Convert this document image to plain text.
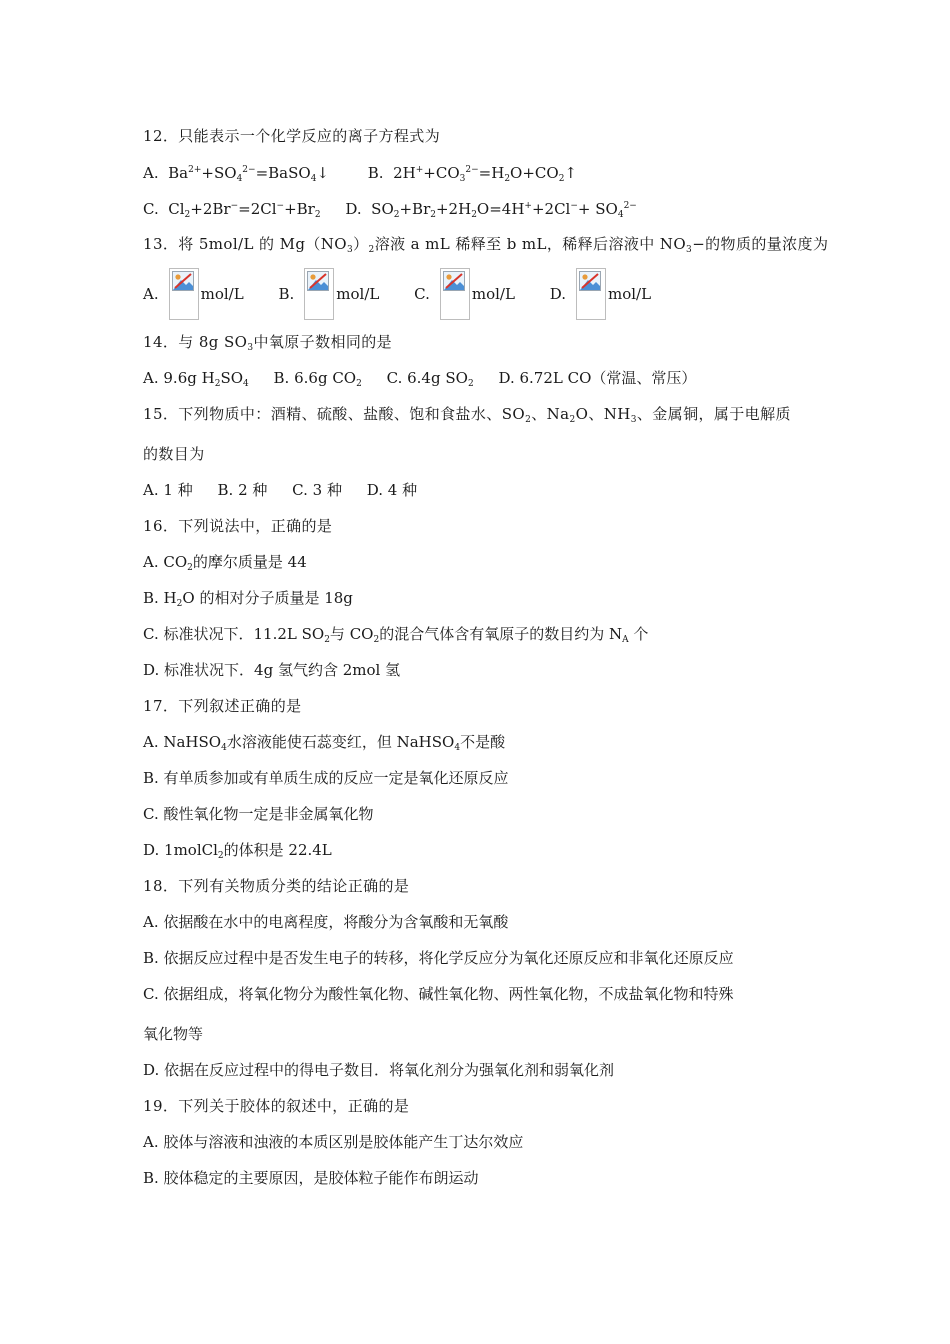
12．只能表示一个化学反应的离子方程式为
A. $Ba^{2+}+SO_4^{2-}=BaSO_4↓$	B. $2H^++CO_3^{2-}=H_2O+CO_2↑$
C. $Cl_2+2Br^-=2Cl^-+Br_2$ D. $SO_2+Br_2+2H_2O=4H^++2Cl^-+ SO_4^{2-}$
13．将 5mol/L 的 $Mg(NO_3)_2$溶液 a mL 稀释至 b mL，稀释后溶液中 $NO_3-$的物质的量浓度为
A.	mol/L
B.	mol/L
C.	mol/L
D.	mol/L
14．与 8g $SO_3$中氧原子数相同的是
A. 9.6g $H_2SO_4$ B. 6.6g $CO_2$ C. 6.4g $SO_2$ D. 6.72L CO（常温、常压）
15．下列物质中：酒精、硫酸、盐酸、饱和食盐水、$SO_2$、$Na_2O$、$NH_3$、金属铜，属于电解质
的数目为
A. 1 种 B. 2 种 C. 3 种 D. 4 种
16．下列说法中，正确的是
A. $CO_2$的摩尔质量是 44
B. $H_2O$ 的相对分子质量是 18g
C. 标准状况下．11.2L $SO_2$与 $CO_2$的混合气体含有氧原子的数目约为 $N_A$ 个
D. 标准状况下．4g 氢气约含 2mol 氢
17．下列叙述正确的是
A. NaHSO$_4$水溶液能使石蕊变红，但 NaHSO$_4$不是酸
B. 有单质参加或有单质生成的反应一定是氧化还原反应
C. 酸性氧化物一定是非金属氧化物
D. 1molCl$_2$的体积是 22.4L
18．下列有关物质分类的结论正确的是
A. 依据酸在水中的电离程度，将酸分为含氧酸和无氧酸
B. 依据反应过程中是否发生电子的转移，将化学反应分为氧化还原反应和非氧化还原反应
C. 依据组成，将氧化物分为酸性氧化物、碱性氧化物、两性氧化物，不成盐氧化物和特殊
氧化物等
D. 依据在反应过程中的得电子数目．将氧化剂分为强氧化剂和弱氧化剂
19．下列关于胶体的叙述中，正确的是
A. 胶体与溶液和浊液的本质区别是胶体能产生丁达尔效应
B. 胶体稳定的主要原因，是胶体粒子能作布朗运动
